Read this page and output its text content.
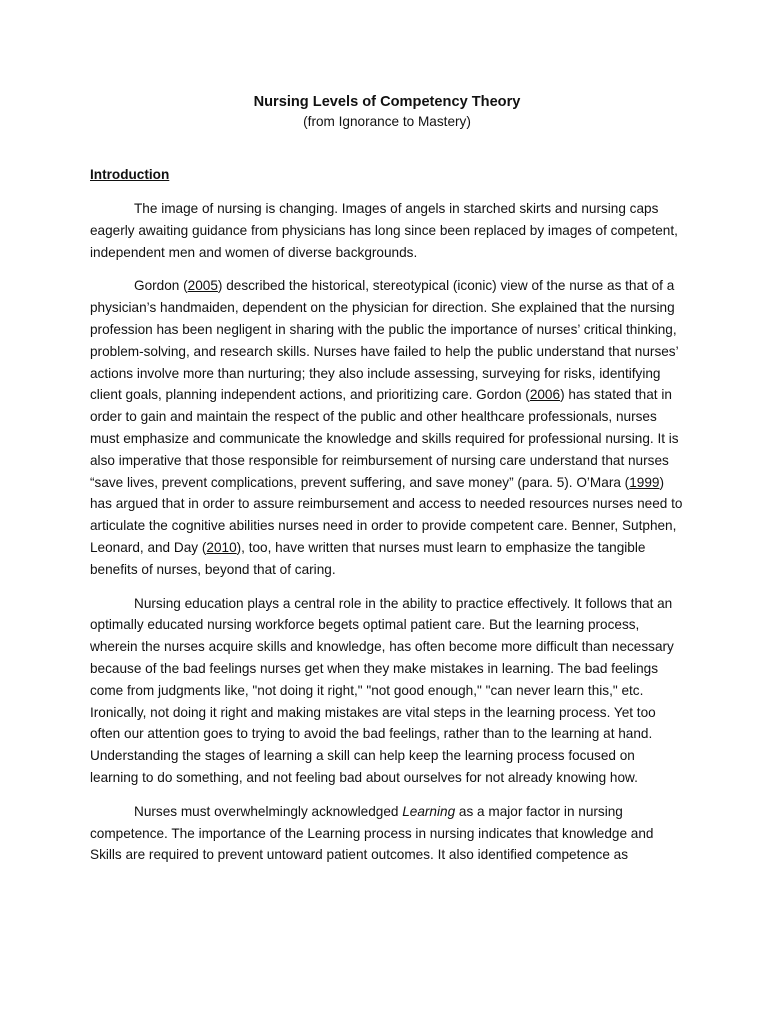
Nursing Levels of Competency Theory

(from Ignorance to Mastery)

Introduction

The image of nursing is changing. Images of angels in starched skirts and nursing caps eagerly awaiting guidance from physicians has long since been replaced by images of competent, independent men and women of diverse backgrounds.

Gordon (2005) described the historical, stereotypical (iconic) view of the nurse as that of a physician’s handmaiden, dependent on the physician for direction. She explained that the nursing profession has been negligent in sharing with the public the importance of nurses’ critical thinking, problem-solving, and research skills. Nurses have failed to help the public understand that nurses’ actions involve more than nurturing; they also include assessing, surveying for risks, identifying client goals, planning independent actions, and prioritizing care. Gordon (2006) has stated that in order to gain and maintain the respect of the public and other healthcare professionals, nurses must emphasize and communicate the knowledge and skills required for professional nursing. It is also imperative that those responsible for reimbursement of nursing care understand that nurses “save lives, prevent complications, prevent suffering, and save money” (para. 5). O’Mara (1999) has argued that in order to assure reimbursement and access to needed resources nurses need to articulate the cognitive abilities nurses need in order to provide competent care. Benner, Sutphen, Leonard, and Day (2010), too, have written that nurses must learn to emphasize the tangible benefits of nurses, beyond that of caring.

Nursing education plays a central role in the ability to practice effectively. It follows that an optimally educated nursing workforce begets optimal patient care. But the learning process, wherein the nurses acquire skills and knowledge, has often become more difficult than necessary because of the bad feelings nurses get when they make mistakes in learning. The bad feelings come from judgments like, "not doing it right," "not good enough," "can never learn this," etc. Ironically, not doing it right and making mistakes are vital steps in the learning process. Yet too often our attention goes to trying to avoid the bad feelings, rather than to the learning at hand. Understanding the stages of learning a skill can help keep the learning process focused on learning to do something, and not feeling bad about ourselves for not already knowing how.

Nurses must overwhelmingly acknowledged Learning as a major factor in nursing competence. The importance of the Learning process in nursing indicates that knowledge and Skills are required to prevent untoward patient outcomes. It also identified competence as
